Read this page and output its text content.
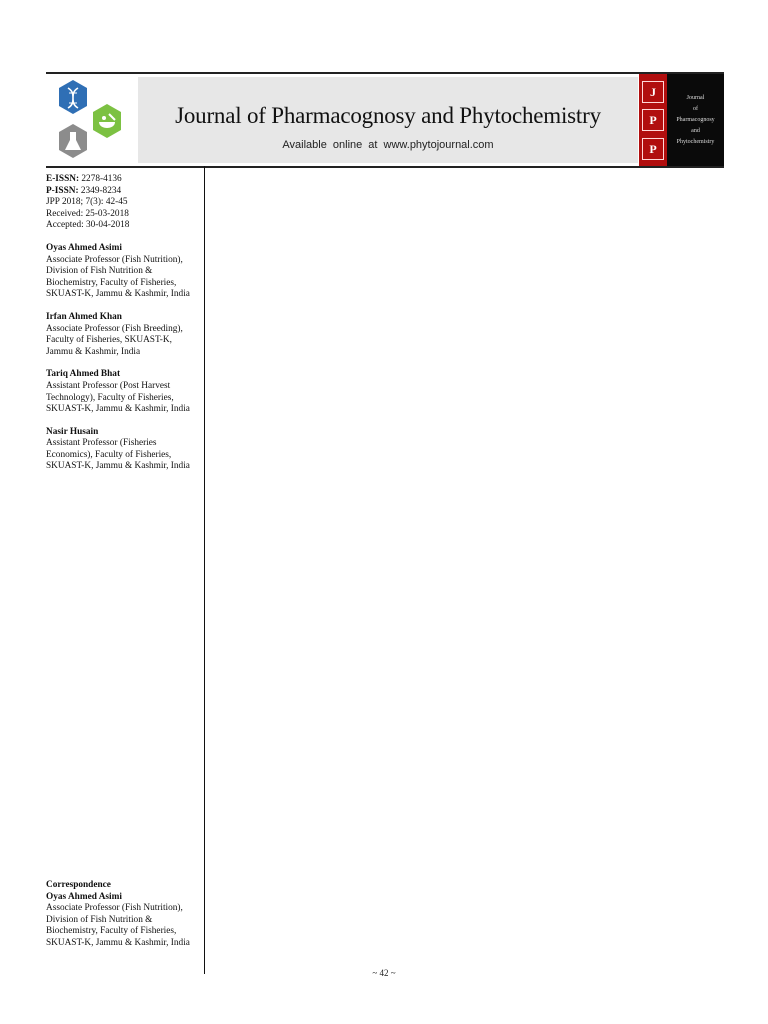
Journal of Pharmacognosy and Phytochemistry
Available online at www.phytojournal.com
J
P
P
Journal
of
Pharmacognosy
and
Phytochemistry
E-ISSN: 2278-4136
P-ISSN: 2349-8234
JPP 2018; 7(3): 42-45
Received: 25-03-2018
Accepted: 30-04-2018
Oyas Ahmed Asimi
Associate Professor (Fish Nutrition), Division of Fish Nutrition & Biochemistry, Faculty of Fisheries, SKUAST-K, Jammu & Kashmir, India
Irfan Ahmed Khan
Associate Professor (Fish Breeding), Faculty of Fisheries, SKUAST-K, Jammu & Kashmir, India
Tariq Ahmed Bhat
Assistant Professor (Post Harvest Technology), Faculty of Fisheries, SKUAST-K, Jammu & Kashmir, India
Nasir Husain
Assistant Professor (Fisheries Economics), Faculty of Fisheries, SKUAST-K, Jammu & Kashmir, India
Correspondence
Oyas Ahmed Asimi
Associate Professor (Fish Nutrition), Division of Fish Nutrition & Biochemistry, Faculty of Fisheries, SKUAST-K, Jammu & Kashmir, India
~ 42 ~
